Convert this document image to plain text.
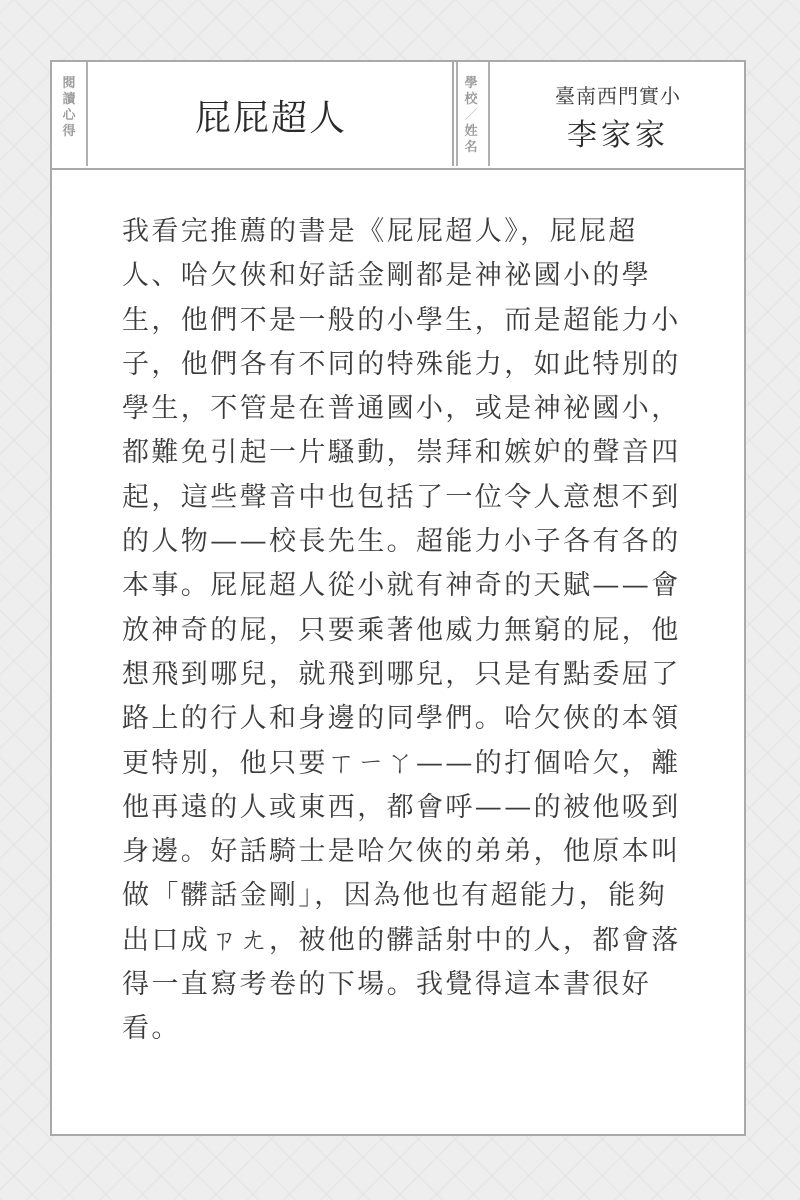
閱
讀
心
得	屁屁超人
學
校
／
姓
名
臺南西門實小
李家家

我看完推薦的書是《屁屁超人》，屁屁超人、哈欠俠和好話金剛都是神祕國小的學生，他們不是一般的小學生，而是超能力小子，他們各有不同的特殊能力，如此特別的學生，不管是在普通國小，或是神祕國小，都難免引起一片騷動，崇拜和嫉妒的聲音四起，這些聲音中也包括了一位令人意想不到的人物——校長先生。超能力小子各有各的本事。屁屁超人從小就有神奇的天賦——會放神奇的屁，只要乘著他威力無窮的屁，他想飛到哪兒，就飛到哪兒，只是有點委屈了路上的行人和身邊的同學們。哈欠俠的本領更特別，他只要ㄒㄧㄚ——的打個哈欠，離他再遠的人或東西，都會呼——的被他吸到身邊。好話騎士是哈欠俠的弟弟，他原本叫做「髒話金剛」，因為他也有超能力，能夠出口成ㄗㄤ，被他的髒話射中的人，都會落得一直寫考卷的下場。我覺得這本書很好看。
